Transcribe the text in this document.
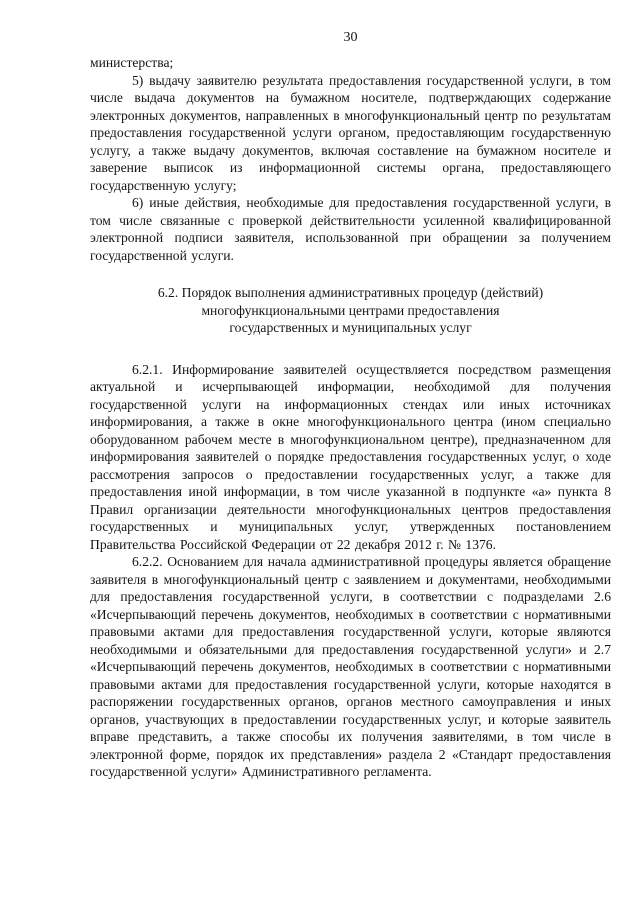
30

министерства;

5) выдачу заявителю результата предоставления государственной услуги, в том числе выдача документов на бумажном носителе, подтверждающих содержание электронных документов, направленных в многофункциональный центр по результатам предоставления государственной услуги органом, предоставляющим государственную услугу, а также выдачу документов, включая составление на бумажном носителе и заверение выписок из информационной системы органа, предоставляющего государственную услугу;

6) иные действия, необходимые для предоставления государственной услуги, в том числе связанные с проверкой действительности усиленной квалифицированной электронной подписи заявителя, использованной при обращении за получением государственной услуги.

6.2. Порядок выполнения административных процедур (действий)
многофункциональными центрами предоставления
государственных и муниципальных услуг

6.2.1. Информирование заявителей осуществляется посредством размещения актуальной и исчерпывающей информации, необходимой для получения государственной услуги на информационных стендах или иных источниках информирования, а также в окне многофункционального центра (ином специально оборудованном рабочем месте в многофункциональном центре), предназначенном для информирования заявителей о порядке предоставления государственных услуг, о ходе рассмотрения запросов о предоставлении государственных услуг, а также для предоставления иной информации, в том числе указанной в подпункте «а» пункта 8 Правил организации деятельности многофункциональных центров предоставления государственных и муниципальных услуг, утвержденных постановлением Правительства Российской Федерации от 22 декабря 2012 г. № 1376.

6.2.2. Основанием для начала административной процедуры является обращение заявителя в многофункциональный центр с заявлением и документами, необходимыми для предоставления государственной услуги, в соответствии с подразделами 2.6 «Исчерпывающий перечень документов, необходимых в соответствии с нормативными правовыми актами для предоставления государственной услуги, которые являются необходимыми и обязательными для предоставления государственной услуги» и 2.7 «Исчерпывающий перечень документов, необходимых в соответствии с нормативными правовыми актами для предоставления государственной услуги, которые находятся в распоряжении государственных органов, органов местного самоуправления и иных органов, участвующих в предоставлении государственных услуг, и которые заявитель вправе представить, а также способы их получения заявителями, в том числе в электронной форме, порядок их представления» раздела 2 «Стандарт предоставления государственной услуги» Административного регламента.
